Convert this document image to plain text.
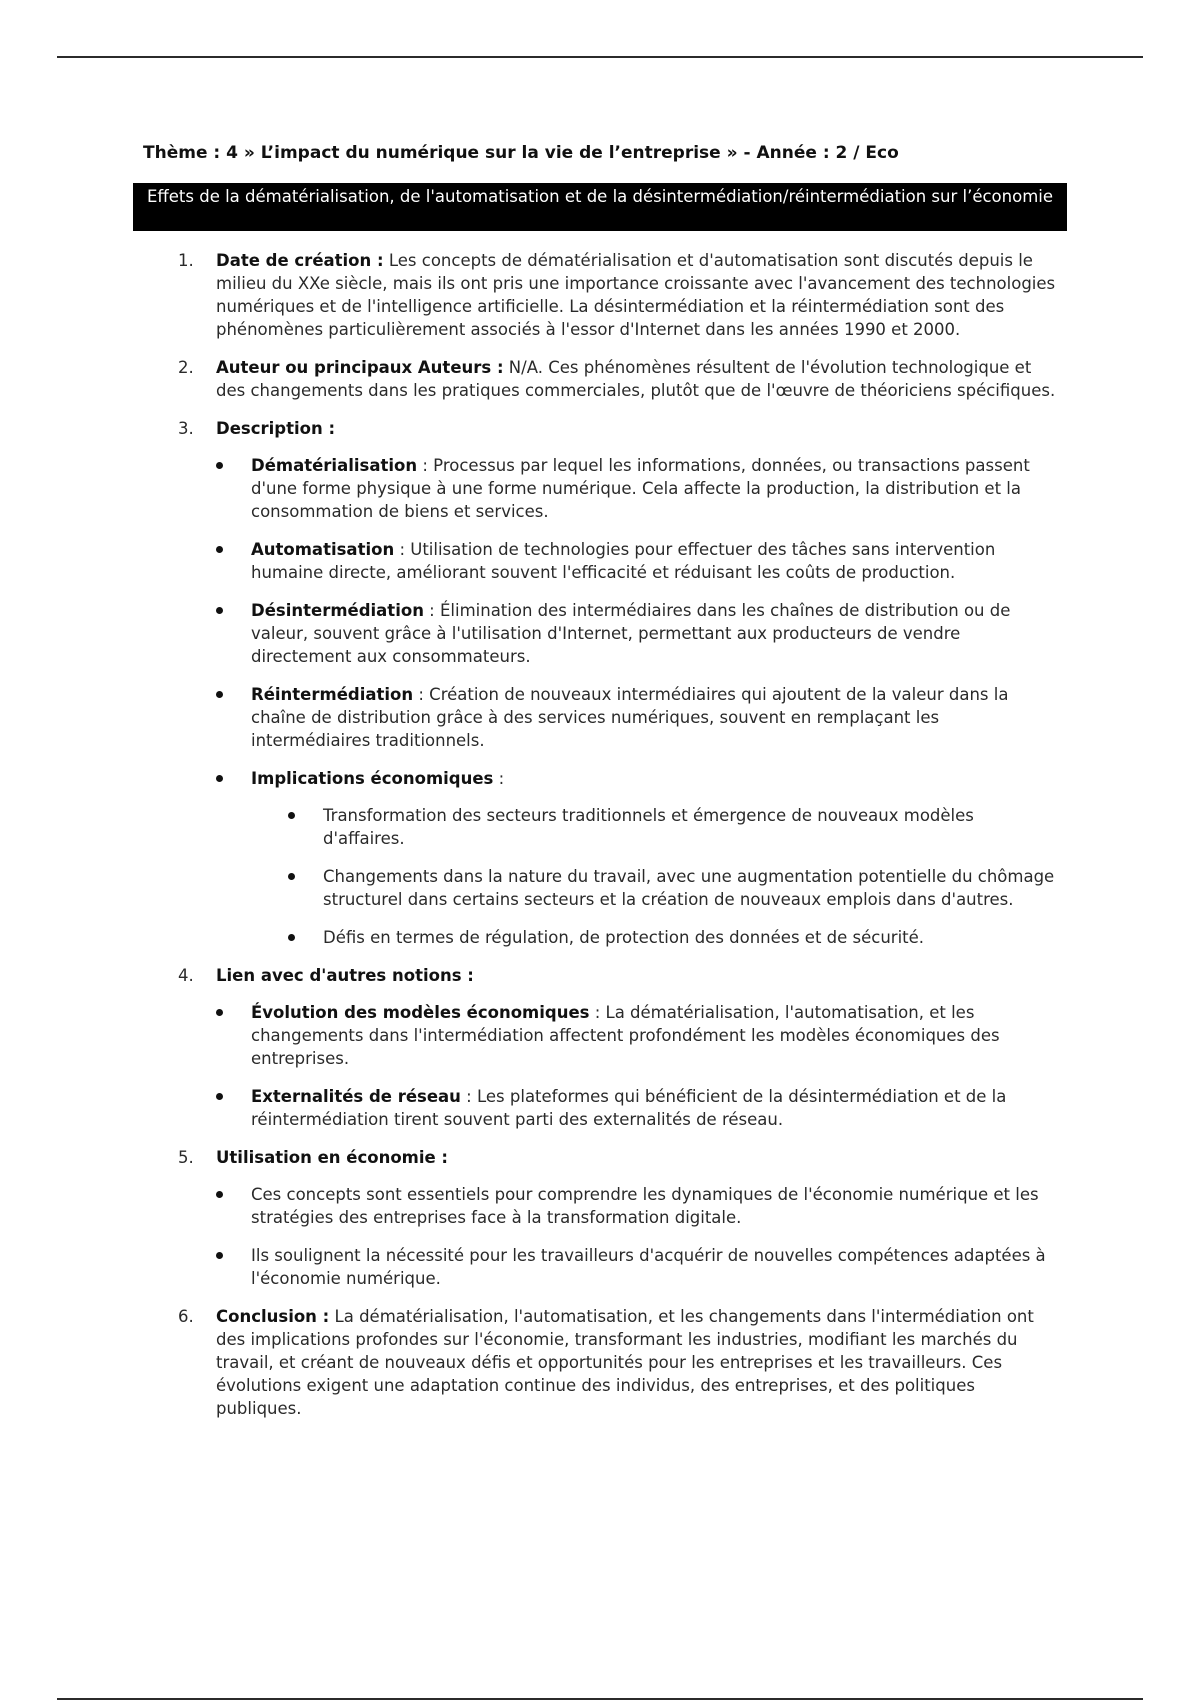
Thème : 4 » L’impact du numérique sur la vie de l’entreprise » - Année : 2 / Eco
Effets de la dématérialisation, de l'automatisation et de la désintermédiation/réintermédiation sur l’économie
1. Date de création : Les concepts de dématérialisation et d'automatisation sont discutés depuis le milieu du XXe siècle, mais ils ont pris une importance croissante avec l'avancement des technologies numériques et de l'intelligence artificielle. La désintermédiation et la réintermédiation sont des phénomènes particulièrement associés à l'essor d'Internet dans les années 1990 et 2000.
2. Auteur ou principaux Auteurs : N/A. Ces phénomènes résultent de l'évolution technologique et des changements dans les pratiques commerciales, plutôt que de l'œuvre de théoriciens spécifiques.
3. Description :
Dématérialisation : Processus par lequel les informations, données, ou transactions passent d'une forme physique à une forme numérique. Cela affecte la production, la distribution et la consommation de biens et services.
Automatisation : Utilisation de technologies pour effectuer des tâches sans intervention humaine directe, améliorant souvent l'efficacité et réduisant les coûts de production.
Désintermédiation : Élimination des intermédiaires dans les chaînes de distribution ou de valeur, souvent grâce à l'utilisation d'Internet, permettant aux producteurs de vendre directement aux consommateurs.
Réintermédiation : Création de nouveaux intermédiaires qui ajoutent de la valeur dans la chaîne de distribution grâce à des services numériques, souvent en remplaçant les intermédiaires traditionnels.
Implications économiques :
Transformation des secteurs traditionnels et émergence de nouveaux modèles d'affaires.
Changements dans la nature du travail, avec une augmentation potentielle du chômage structurel dans certains secteurs et la création de nouveaux emplois dans d'autres.
Défis en termes de régulation, de protection des données et de sécurité.
4. Lien avec d'autres notions :
Évolution des modèles économiques : La dématérialisation, l'automatisation, et les changements dans l'intermédiation affectent profondément les modèles économiques des entreprises.
Externalités de réseau : Les plateformes qui bénéficient de la désintermédiation et de la réintermédiation tirent souvent parti des externalités de réseau.
5. Utilisation en économie :
Ces concepts sont essentiels pour comprendre les dynamiques de l'économie numérique et les stratégies des entreprises face à la transformation digitale.
Ils soulignent la nécessité pour les travailleurs d'acquérir de nouvelles compétences adaptées à l'économie numérique.
6. Conclusion : La dématérialisation, l'automatisation, et les changements dans l'intermédiation ont des implications profondes sur l'économie, transformant les industries, modifiant les marchés du travail, et créant de nouveaux défis et opportunités pour les entreprises et les travailleurs. Ces évolutions exigent une adaptation continue des individus, des entreprises, et des politiques publiques.
